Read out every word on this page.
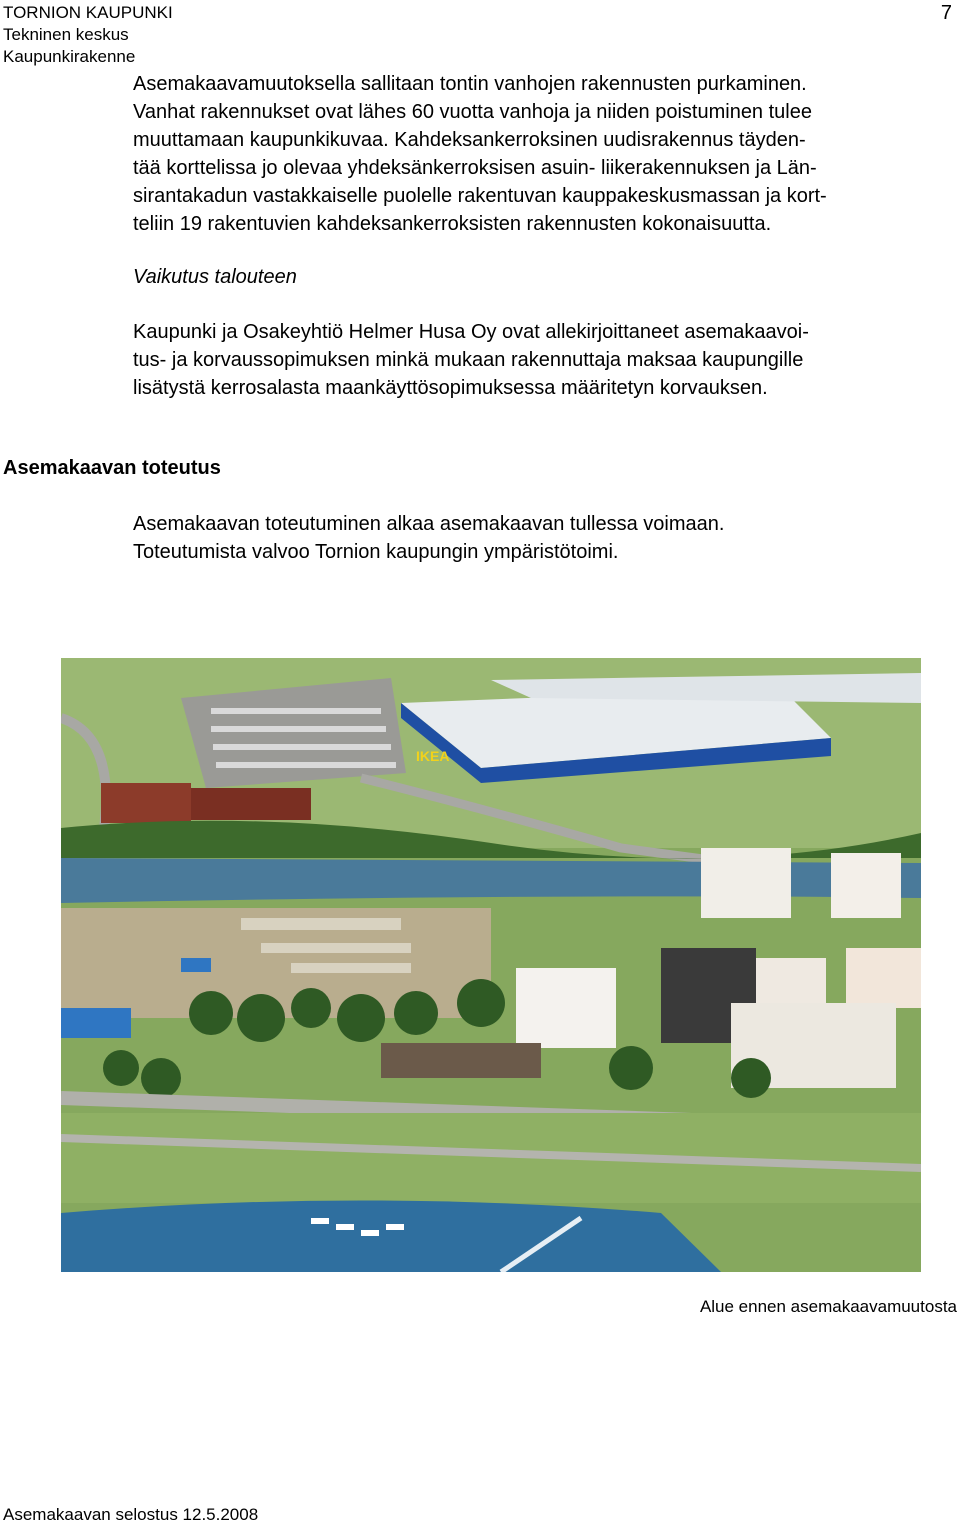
TORNION KAUPUNKI
Tekninen keskus
Kaupunkirakenne
7

Asemakaavamuutoksella sallitaan tontin vanhojen rakennusten purkaminen.
Vanhat rakennukset ovat lähes 60 vuotta vanhoja ja niiden poistuminen tulee
muuttamaan kaupunkikuvaa. Kahdeksankerroksinen uudisrakennus täyden-
tää korttelissa jo olevaa yhdeksänkerroksisen asuin- liikerakennuksen ja Län-
sirantakadun vastakkaiselle puolelle rakentuvan kauppakeskusmassan ja kort-
teliin 19 rakentuvien kahdeksankerroksisten rakennusten kokonaisuutta.

Vaikutus talouteen

Kaupunki ja Osakeyhtiö Helmer Husa Oy ovat allekirjoittaneet asemakaavoi-
tus- ja korvaussopimuksen minkä mukaan rakennuttaja maksaa kaupungille
lisätystä kerrosalasta maankäyttösopimuksessa määritetyn korvauksen.

Asemakaavan toteutus

Asemakaavan toteutuminen alkaa asemakaavan tullessa voimaan.
Toteutumista valvoo Tornion kaupungin ympäristötoimi.

IKEA
Alue ennen asemakaavamuutosta
Asemakaavan selostus 12.5.2008
